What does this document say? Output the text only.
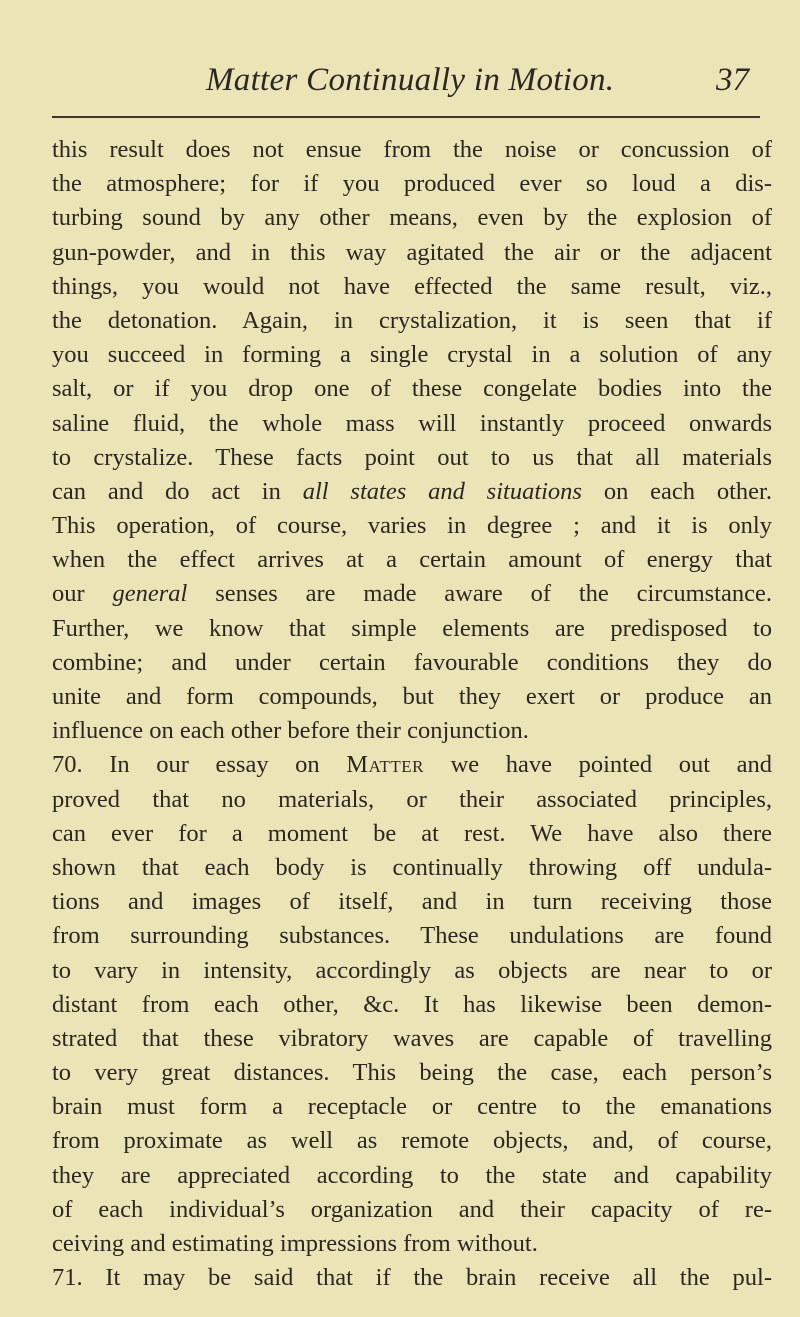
Matter Continually in Motion.	37
this result does not ensue from the noise or concussion of
the atmosphere; for if you produced ever so loud a dis-
turbing sound by any other means, even by the explosion of
gun-powder, and in this way agitated the air or the adjacent
things, you would not have effected the same result, viz.,
the detonation. Again, in crystalization, it is seen that if
you succeed in forming a single crystal in a solution of any
salt, or if you drop one of these congelate bodies into the
saline fluid, the whole mass will instantly proceed onwards
to crystalize. These facts point out to us that all materials
can and do act in all states and situations on each other.
This operation, of course, varies in degree ; and it is only
when the effect arrives at a certain amount of energy that
our general senses are made aware of the circumstance.
Further, we know that simple elements are predisposed to
combine; and under certain favourable conditions they do
unite and form compounds, but they exert or produce an
influence on each other before their conjunction.
70. In our essay on Matter we have pointed out and
proved that no materials, or their associated principles,
can ever for a moment be at rest. We have also there
shown that each body is continually throwing off undula-
tions and images of itself, and in turn receiving those
from surrounding substances. These undulations are found
to vary in intensity, accordingly as objects are near to or
distant from each other, &c. It has likewise been demon-
strated that these vibratory waves are capable of travelling
to very great distances. This being the case, each person’s
brain must form a receptacle or centre to the emanations
from proximate as well as remote objects, and, of course,
they are appreciated according to the state and capability
of each individual’s organization and their capacity of re-
ceiving and estimating impressions from without.
71. It may be said that if the brain receive all the pul-
